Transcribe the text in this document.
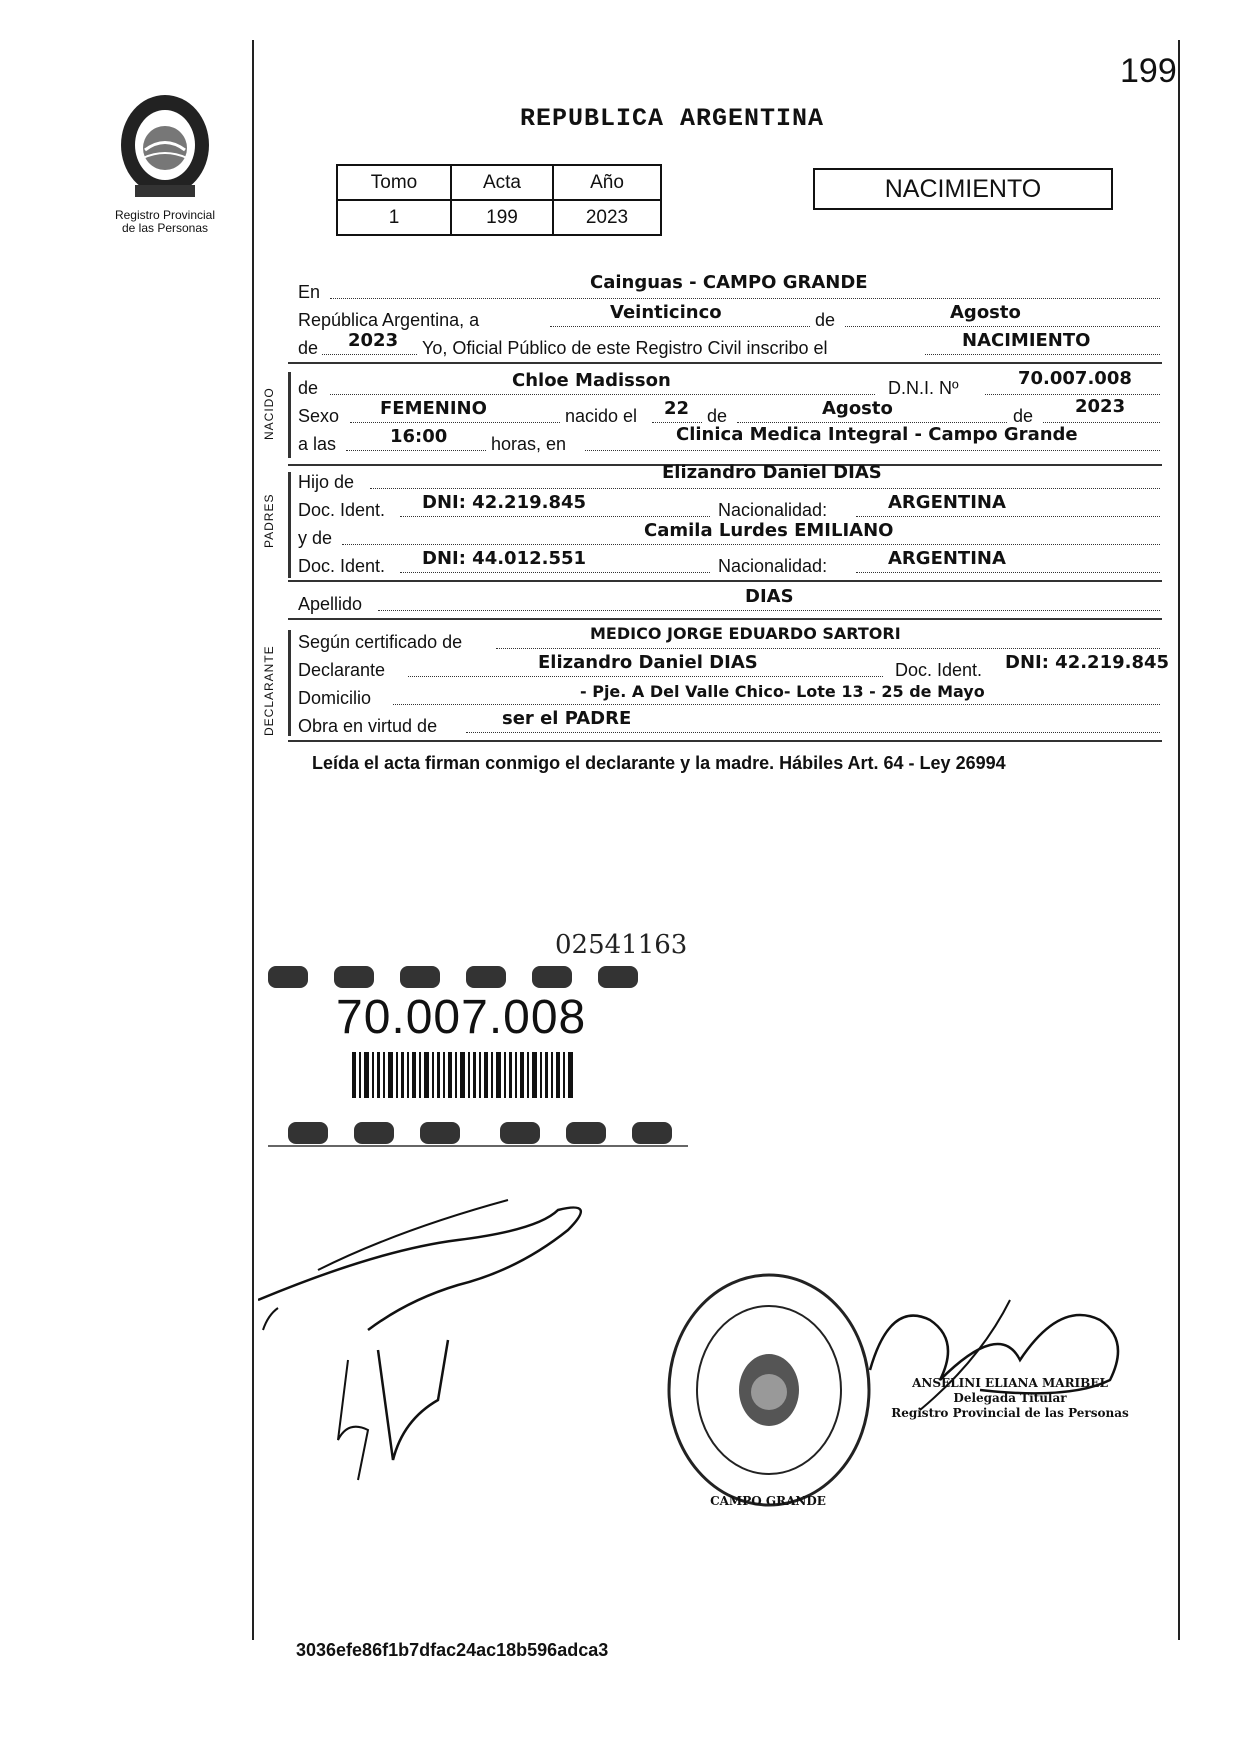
199
Registro Provincial
de las Personas
REPUBLICA ARGENTINA
Tomo	Acta	Año
1	199	2023
NACIMIENTO
En	Cainguas - CAMPO GRANDE
República Argentina, a	Veinticinco	de	Agosto
de 2023 Yo, Oficial Público de este Registro Civil inscribo el	NACIMIENTO
NACIDO de	Chloe Madisson	D.N.I. Nº	70.007.008
Sexo FEMENINO	nacido el 22 de	Agosto	de 2023
a las	16:00 horas, en	Clinica Medica Integral - Campo Grande
PADRES
Hijo de	Elizandro Daniel DIAS
Doc. Ident. DNI: 42.219.845	Nacionalidad:	ARGENTINA
y de	Camila Lurdes EMILIANO
Doc. Ident. DNI: 44.012.551	Nacionalidad:	ARGENTINA
Apellido	DIAS
DECLARANTE
Según certificado de	MEDICO JORGE EDUARDO SARTORI
Declarante	Elizandro Daniel DIAS	Doc. Ident. DNI: 42.219.845
Domicilio	- Pje. A Del Valle Chico- Lote 13 - 25 de Mayo
Obra en virtud de	ser el PADRE
Leída el acta firman conmigo el declarante y la madre. Hábiles Art. 64 - Ley 26994
02541163
70.007.008
CAMPO GRANDE
ANSELINI ELIANA MARIBEL
Delegada Titular
Registro Provincial de las Personas
3036efe86f1b7dfac24ac18b596adca3
